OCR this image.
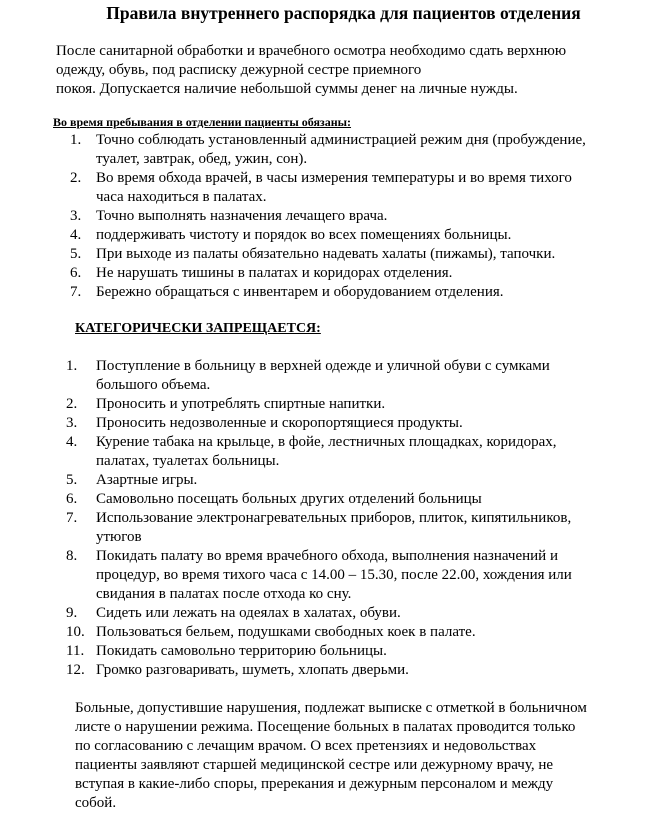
Правила внутреннего распорядка для пациентов отделения
После санитарной обработки и врачебного осмотра необходимо сдать верхнюю
одежду, обувь, под расписку дежурной сестре приемного
покоя. Допускается наличие небольшой суммы денег на личные нужды.
Во время пребывания в отделении пациенты обязаны:
1. Точно соблюдать установленный администрацией режим дня (пробуждение,
туалет, завтрак, обед, ужин, сон).
2. Во время обхода врачей, в часы измерения температуры и во время тихого
часа находиться в палатах.
3. Точно выполнять назначения лечащего врача.
4. поддерживать чистоту и порядок во всех помещениях больницы.
5. При выходе из палаты обязательно надевать халаты (пижамы), тапочки.
6. Не нарушать тишины в палатах и коридорах отделения.
7. Бережно обращаться с инвентарем и оборудованием отделения.
КАТЕГОРИЧЕСКИ ЗАПРЕЩАЕТСЯ:
1. Поступление в больницу в верхней одежде и уличной обуви с сумками
большого объема.
2. Проносить и употреблять спиртные напитки.
3. Проносить недозволенные и скоропортящиеся продукты.
4. Курение табака на крыльце, в фойе, лестничных площадках, коридорах,
палатах, туалетах больницы.
5. Азартные игры.
6. Самовольно посещать больных других отделений больницы
7. Использование электронагревательных приборов, плиток, кипятильников,
утюгов
8. Покидать палату во время врачебного обхода, выполнения назначений и
процедур, во время тихого часа с 14.00 – 15.30, после 22.00, хождения или
свидания в палатах после отхода ко сну.
9. Сидеть или лежать на одеялах в халатах, обуви.
10. Пользоваться бельем, подушками свободных коек в палате.
11. Покидать самовольно территорию больницы.
12. Громко разговаривать, шуметь, хлопать дверьми.
Больные, допустившие нарушения, подлежат выписке с отметкой в больничном
листе о нарушении режима. Посещение больных в палатах проводится только
по согласованию с лечащим врачом. О всех претензиях и недовольствах
пациенты заявляют старшей медицинской сестре или дежурному врачу, не
вступая в какие-либо споры, пререкания и дежурным персоналом и между
собой.
